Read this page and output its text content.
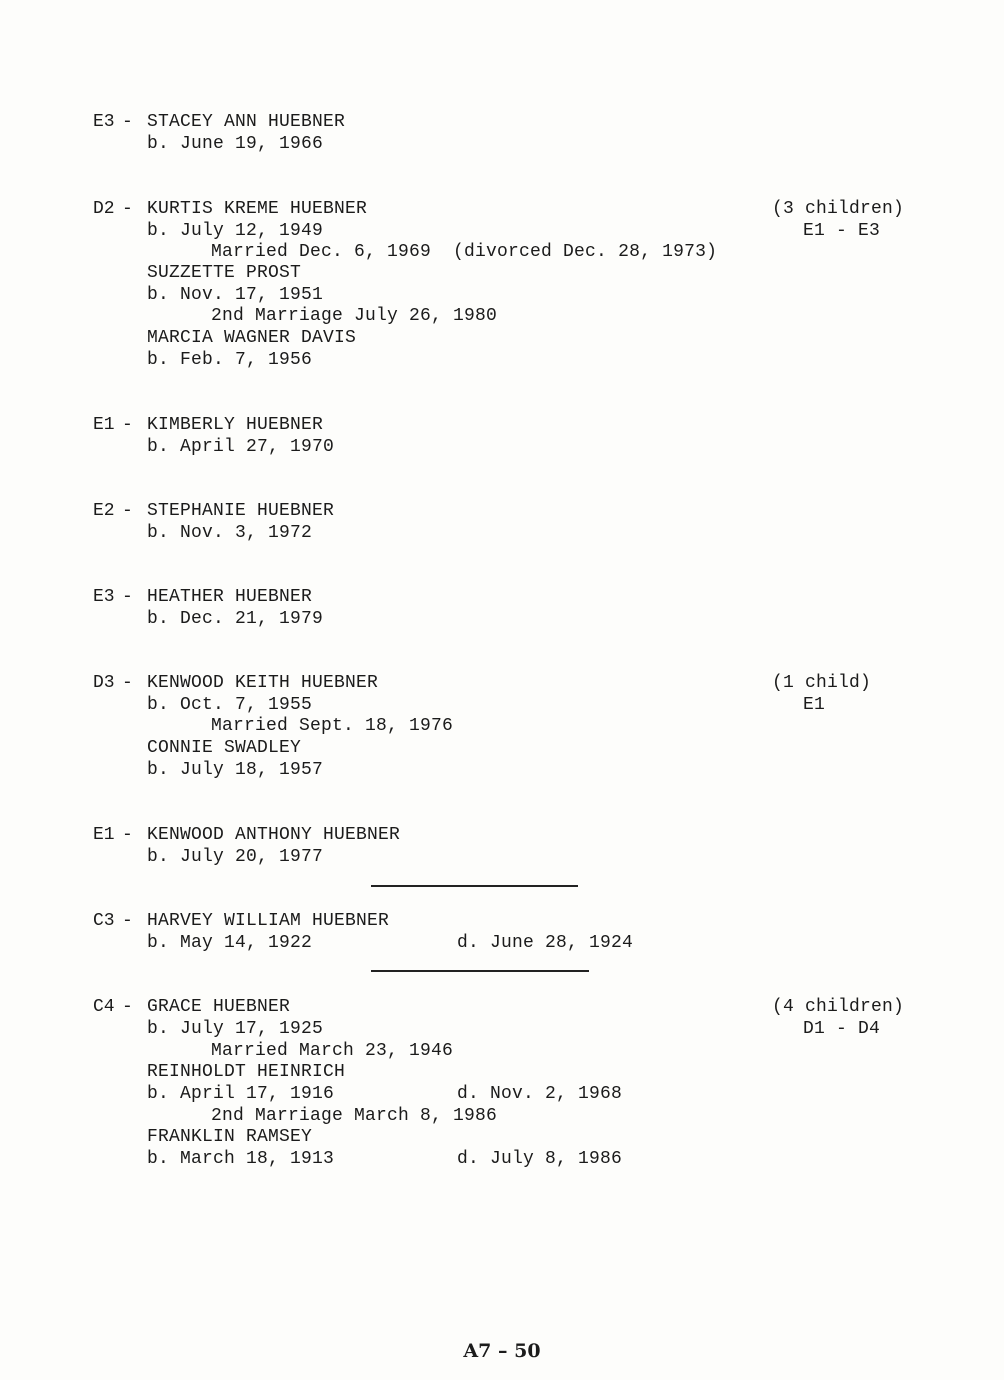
E3 - STACEY ANN HUEBNER
b. June 19, 1966
D2 - KURTIS KREME HUEBNER	(3 children)
E1 - E3
b. July 12, 1949
Married Dec. 6, 1969  (divorced Dec. 28, 1973)
SUZZETTE PROST
b. Nov. 17, 1951
2nd Marriage July 26, 1980
MARCIA WAGNER DAVIS
b. Feb. 7, 1956
E1 - KIMBERLY HUEBNER
b. April 27, 1970
E2 - STEPHANIE HUEBNER
b. Nov. 3, 1972
E3 - HEATHER HUEBNER
b. Dec. 21, 1979
D3 - KENWOOD KEITH HUEBNER	(1 child)
E1
b. Oct. 7, 1955
Married Sept. 18, 1976
CONNIE SWADLEY
b. July 18, 1957
E1 - KENWOOD ANTHONY HUEBNER
b. July 20, 1977
C3 - HARVEY WILLIAM HUEBNER
b. May 14, 1922	d. June 28, 1924
C4 - GRACE HUEBNER	(4 children)
D1 - D4
b. July 17, 1925
Married March 23, 1946
REINHOLDT HEINRICH
b. April 17, 1916	d. Nov. 2, 1968
2nd Marriage March 8, 1986
FRANKLIN RAMSEY
b. March 18, 1913	d. July 8, 1986
A7 – 50
